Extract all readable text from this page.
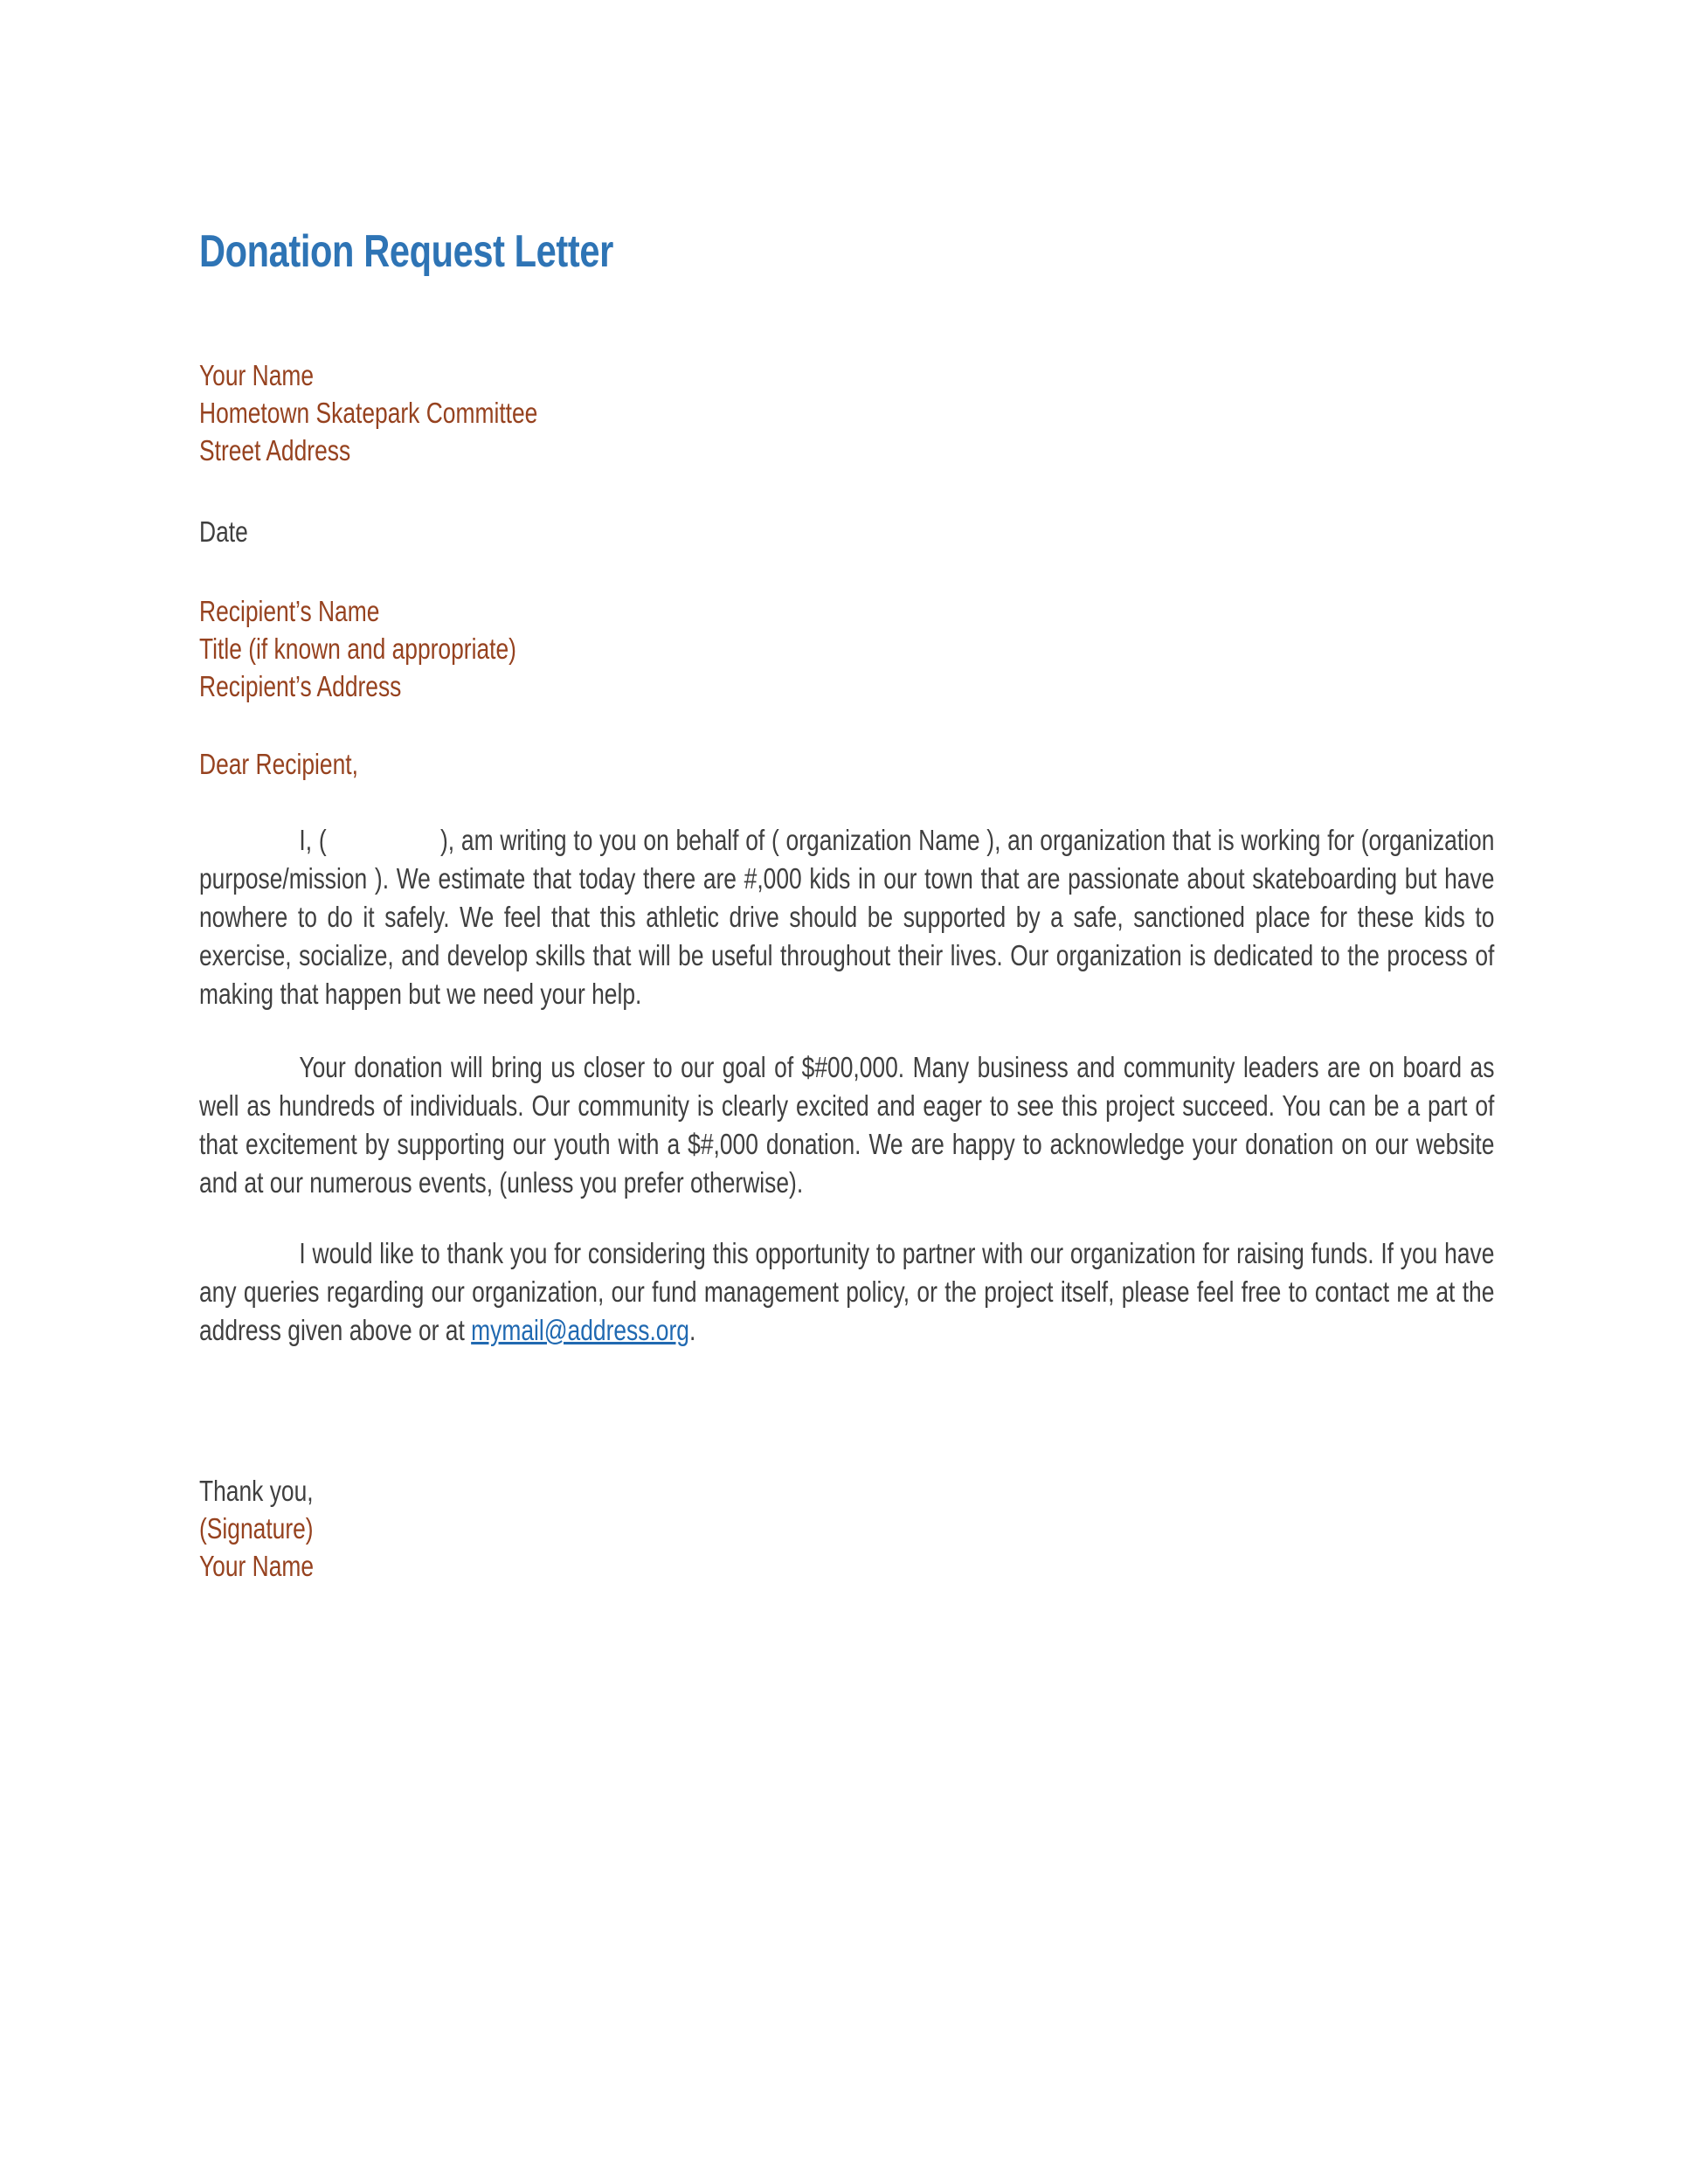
Donation Request Letter
Your Name
Hometown Skatepark Committee
Street Address
Date
Recipient’s Name
Title (if known and appropriate)
Recipient’s Address
Dear Recipient,

I, (	), am writing to you on behalf of ( organization Name ), an organization that is working for (organization purpose/mission ). We estimate that today there are #,000 kids in our town that are passionate about skateboarding but have nowhere to do it safely. We feel that this athletic drive should be supported by a safe, sanctioned place for these kids to exercise, socialize, and develop skills that will be useful throughout their lives. Our organization is dedicated to the process of making that happen but we need your help.

Your donation will bring us closer to our goal of $#00,000. Many business and community leaders are on board as well as hundreds of individuals. Our community is clearly excited and eager to see this project succeed. You can be a part of that excitement by supporting our youth with a $#,000 donation. We are happy to acknowledge your donation on our website and at our numerous events, (unless you prefer otherwise).

I would like to thank you for considering this opportunity to partner with our organization for raising funds. If you have any queries regarding our organization, our fund management policy, or the project itself, please feel free to contact me at the address given above or at mymail@address.org.

Thank you,
(Signature)
Your Name
